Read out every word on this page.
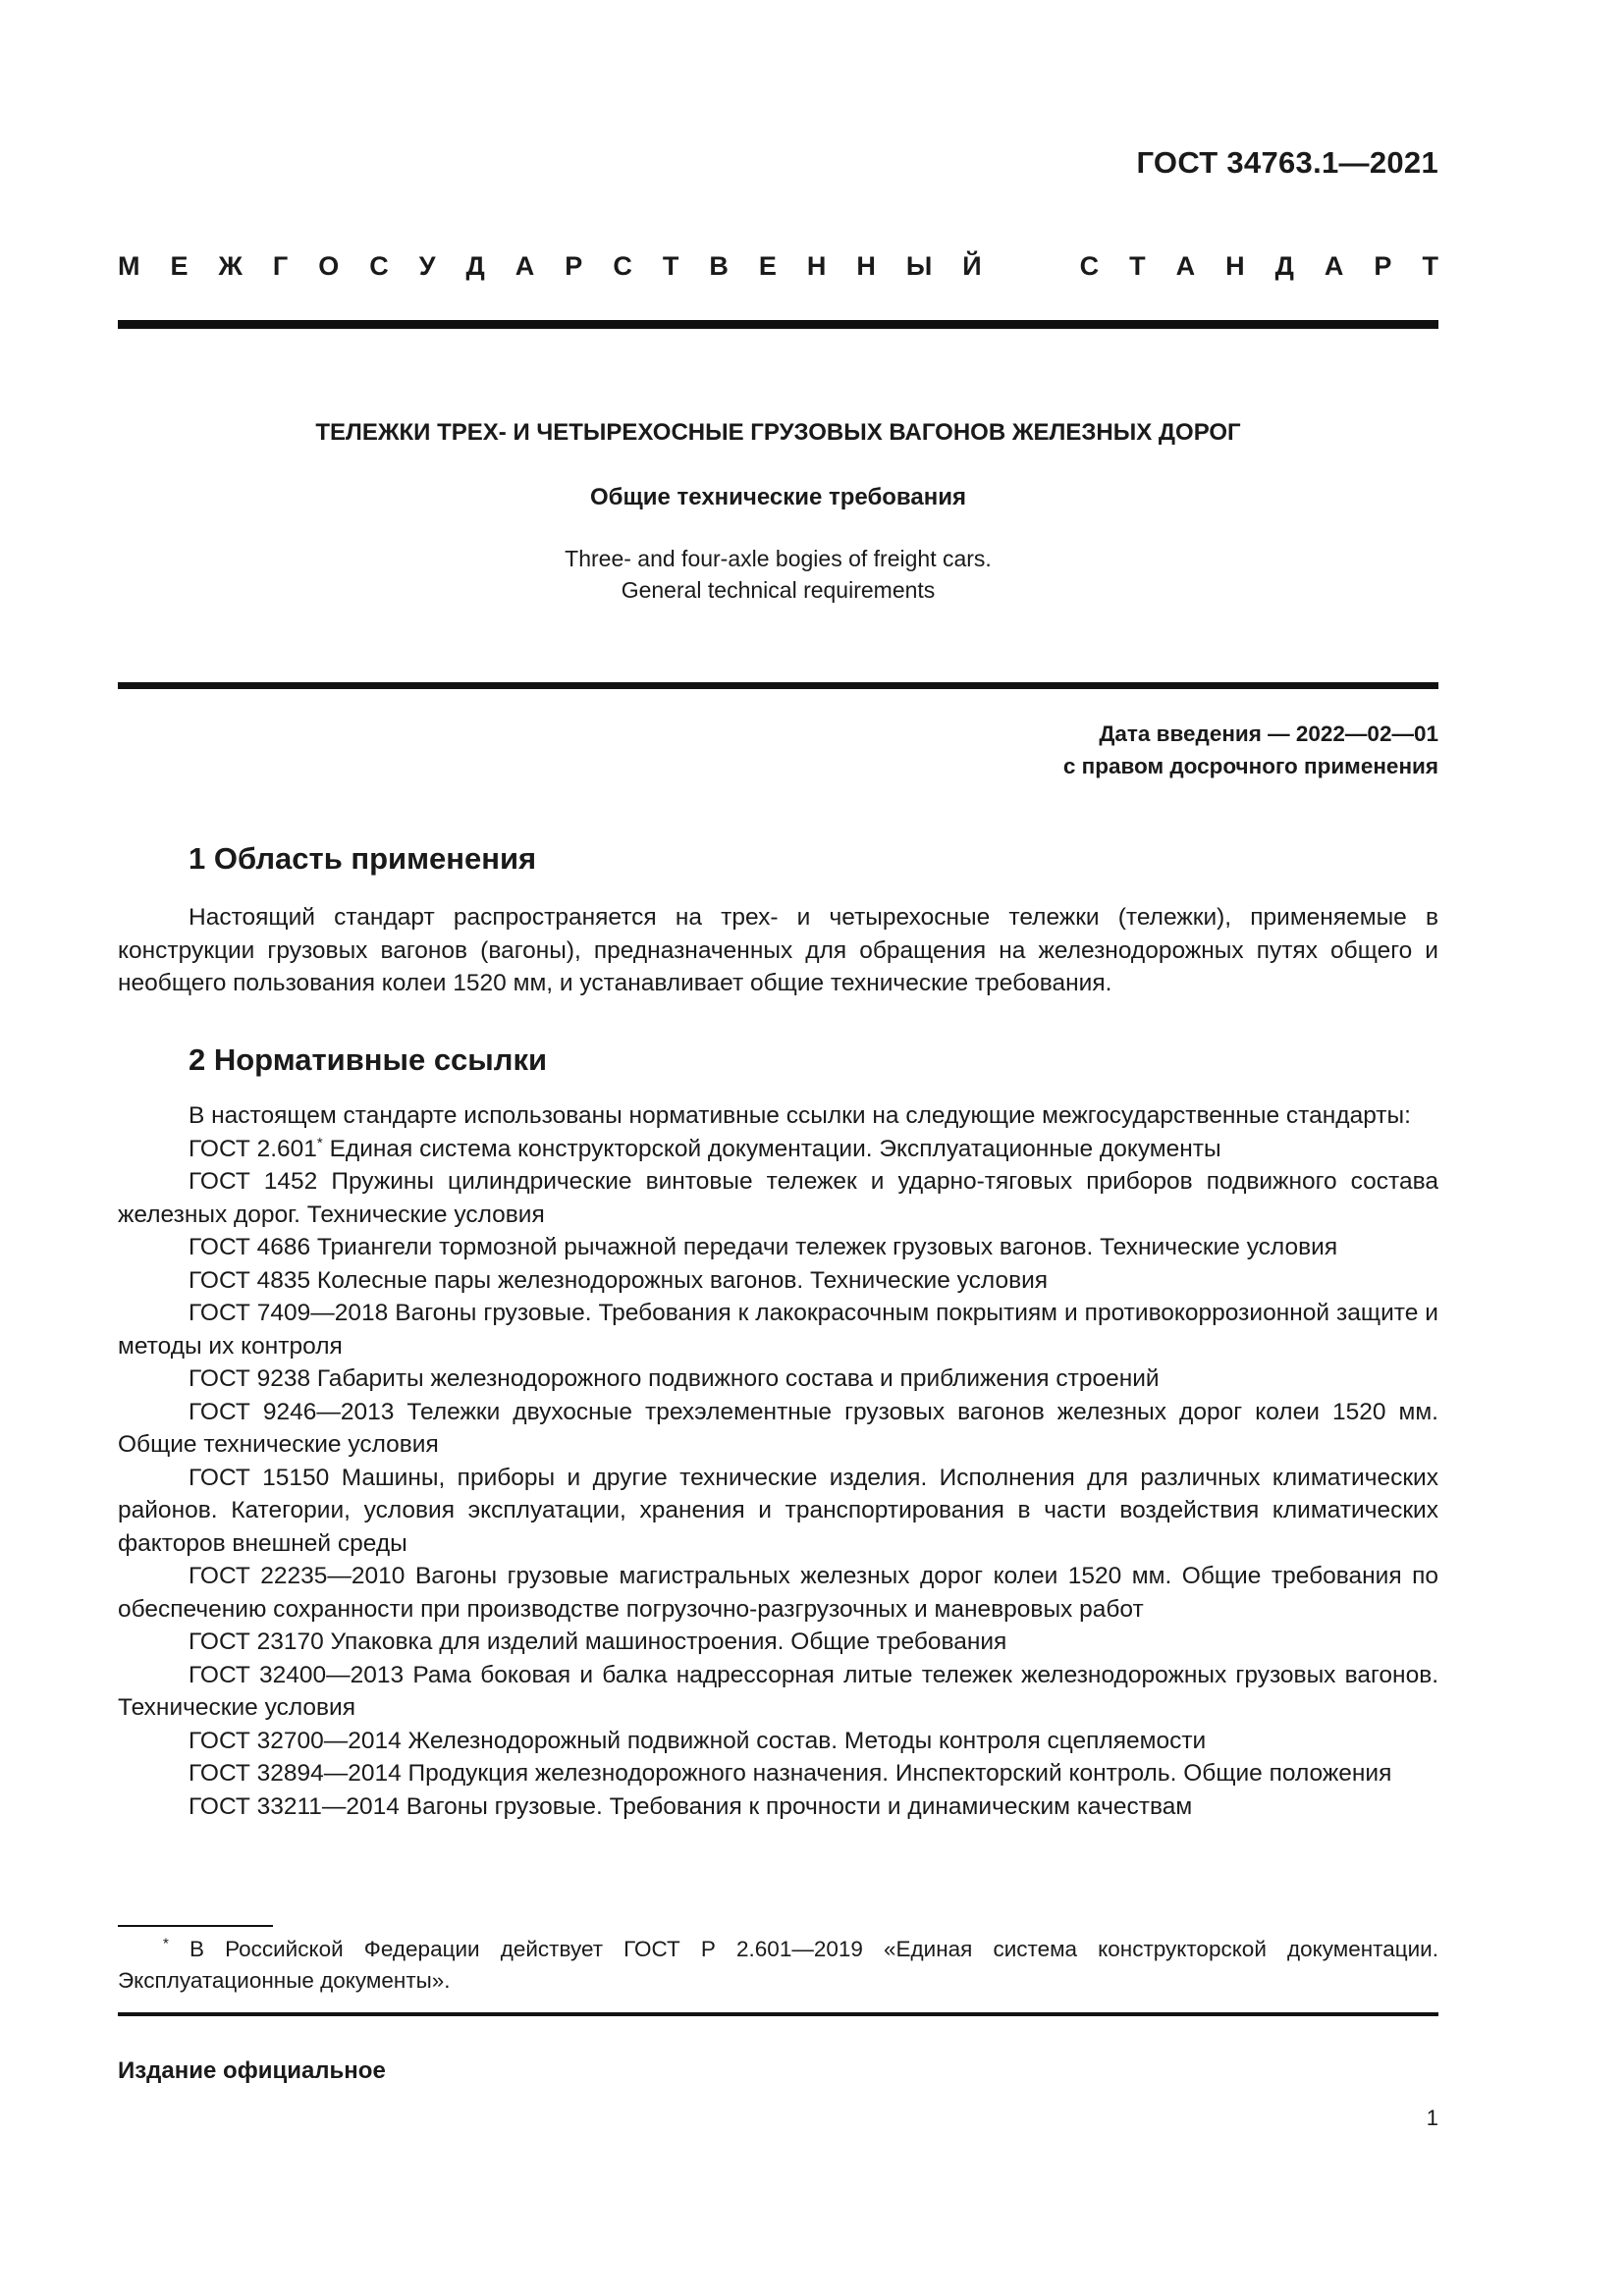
ГОСТ 34763.1—2021
М Е Ж Г О С У Д А Р С Т В Е Н Н Ы Й	С Т А Н Д А Р Т
ТЕЛЕЖКИ ТРЕХ- И ЧЕТЫРЕХОСНЫЕ ГРУЗОВЫХ ВАГОНОВ ЖЕЛЕЗНЫХ ДОРОГ
Общие технические требования
Three- and four-axle bogies of freight cars.
General technical requirements
Дата введения — 2022—02—01
с правом досрочного применения
1 Область применения

Настоящий стандарт распространяется на трех- и четырехосные тележки (тележки), применяемые в конструкции грузовых вагонов (вагоны), предназначенных для обращения на железнодорожных путях общего и необщего пользования колеи 1520 мм, и устанавливает общие технические требования.

2 Нормативные ссылки

В настоящем стандарте использованы нормативные ссылки на следующие межгосударственные стандарты:

ГОСТ 2.601* Единая система конструкторской документации. Эксплуатационные документы

ГОСТ 1452 Пружины цилиндрические винтовые тележек и ударно-тяговых приборов подвижного состава железных дорог. Технические условия

ГОСТ 4686 Триангели тормозной рычажной передачи тележек грузовых вагонов. Технические условия

ГОСТ 4835 Колесные пары железнодорожных вагонов. Технические условия

ГОСТ 7409—2018 Вагоны грузовые. Требования к лакокрасочным покрытиям и противокоррозионной защите и методы их контроля

ГОСТ 9238 Габариты железнодорожного подвижного состава и приближения строений

ГОСТ 9246—2013 Тележки двухосные трехэлементные грузовых вагонов железных дорог колеи 1520 мм. Общие технические условия

ГОСТ 15150 Машины, приборы и другие технические изделия. Исполнения для различных климатических районов. Категории, условия эксплуатации, хранения и транспортирования в части воздействия климатических факторов внешней среды

ГОСТ 22235—2010 Вагоны грузовые магистральных железных дорог колеи 1520 мм. Общие требования по обеспечению сохранности при производстве погрузочно-разгрузочных и маневровых работ

ГОСТ 23170 Упаковка для изделий машиностроения. Общие требования

ГОСТ 32400—2013 Рама боковая и балка надрессорная литые тележек железнодорожных грузовых вагонов. Технические условия

ГОСТ 32700—2014 Железнодорожный подвижной состав. Методы контроля сцепляемости

ГОСТ 32894—2014 Продукция железнодорожного назначения. Инспекторский контроль. Общие положения

ГОСТ 33211—2014 Вагоны грузовые. Требования к прочности и динамическим качествам

* В Российской Федерации действует ГОСТ Р 2.601—2019 «Единая система конструкторской документации. Эксплуатационные документы».

Издание официальное
1
